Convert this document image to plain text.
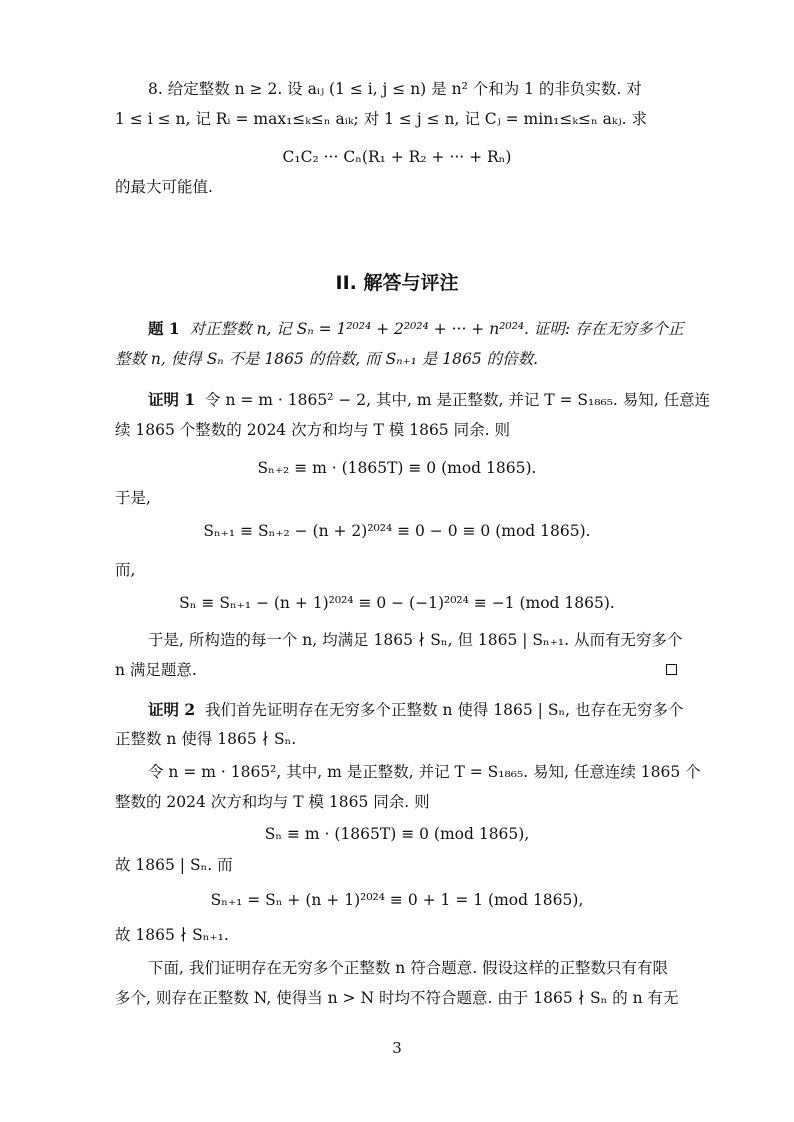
8. 给定整数 n ≥ 2. 设 aᵢⱼ (1 ≤ i, j ≤ n) 是 n² 个和为 1 的非负实数. 对
1 ≤ i ≤ n, 记 Rᵢ = max₁≤ₖ≤ₙ aᵢₖ; 对 1 ≤ j ≤ n, 记 Cⱼ = min₁≤ₖ≤ₙ aₖⱼ. 求
C₁C₂ ··· Cₙ(R₁ + R₂ + ··· + Rₙ)
的最大可能值.
II. 解答与评注
题 1 对正整数 n, 记 Sₙ = 1²⁰²⁴ + 2²⁰²⁴ + ··· + n²⁰²⁴. 证明: 存在无穷多个正
整数 n, 使得 Sₙ 不是 1865 的倍数, 而 Sₙ₊₁ 是 1865 的倍数.
证明 1 令 n = m · 1865² − 2, 其中, m 是正整数, 并记 T = S₁₈₆₅. 易知, 任意连
续 1865 个整数的 2024 次方和均与 T 模 1865 同余. 则
Sₙ₊₂ ≡ m · (1865T) ≡ 0 (mod 1865).
于是,
Sₙ₊₁ ≡ Sₙ₊₂ − (n + 2)²⁰²⁴ ≡ 0 − 0 ≡ 0 (mod 1865).
而,
Sₙ ≡ Sₙ₊₁ − (n + 1)²⁰²⁴ ≡ 0 − (−1)²⁰²⁴ ≡ −1 (mod 1865).
于是, 所构造的每一个 n, 均满足 1865 ∤ Sₙ, 但 1865 | Sₙ₊₁. 从而有无穷多个
n 满足题意.
证明 2 我们首先证明存在无穷多个正整数 n 使得 1865 | Sₙ, 也存在无穷多个
正整数 n 使得 1865 ∤ Sₙ.
令 n = m · 1865², 其中, m 是正整数, 并记 T = S₁₈₆₅. 易知, 任意连续 1865 个
整数的 2024 次方和均与 T 模 1865 同余. 则
Sₙ ≡ m · (1865T) ≡ 0 (mod 1865),
故 1865 | Sₙ. 而
Sₙ₊₁ = Sₙ + (n + 1)²⁰²⁴ ≡ 0 + 1 = 1 (mod 1865),
故 1865 ∤ Sₙ₊₁.
下面, 我们证明存在无穷多个正整数 n 符合题意. 假设这样的正整数只有有限
多个, 则存在正整数 N, 使得当 n > N 时均不符合题意. 由于 1865 ∤ Sₙ 的 n 有无
3
